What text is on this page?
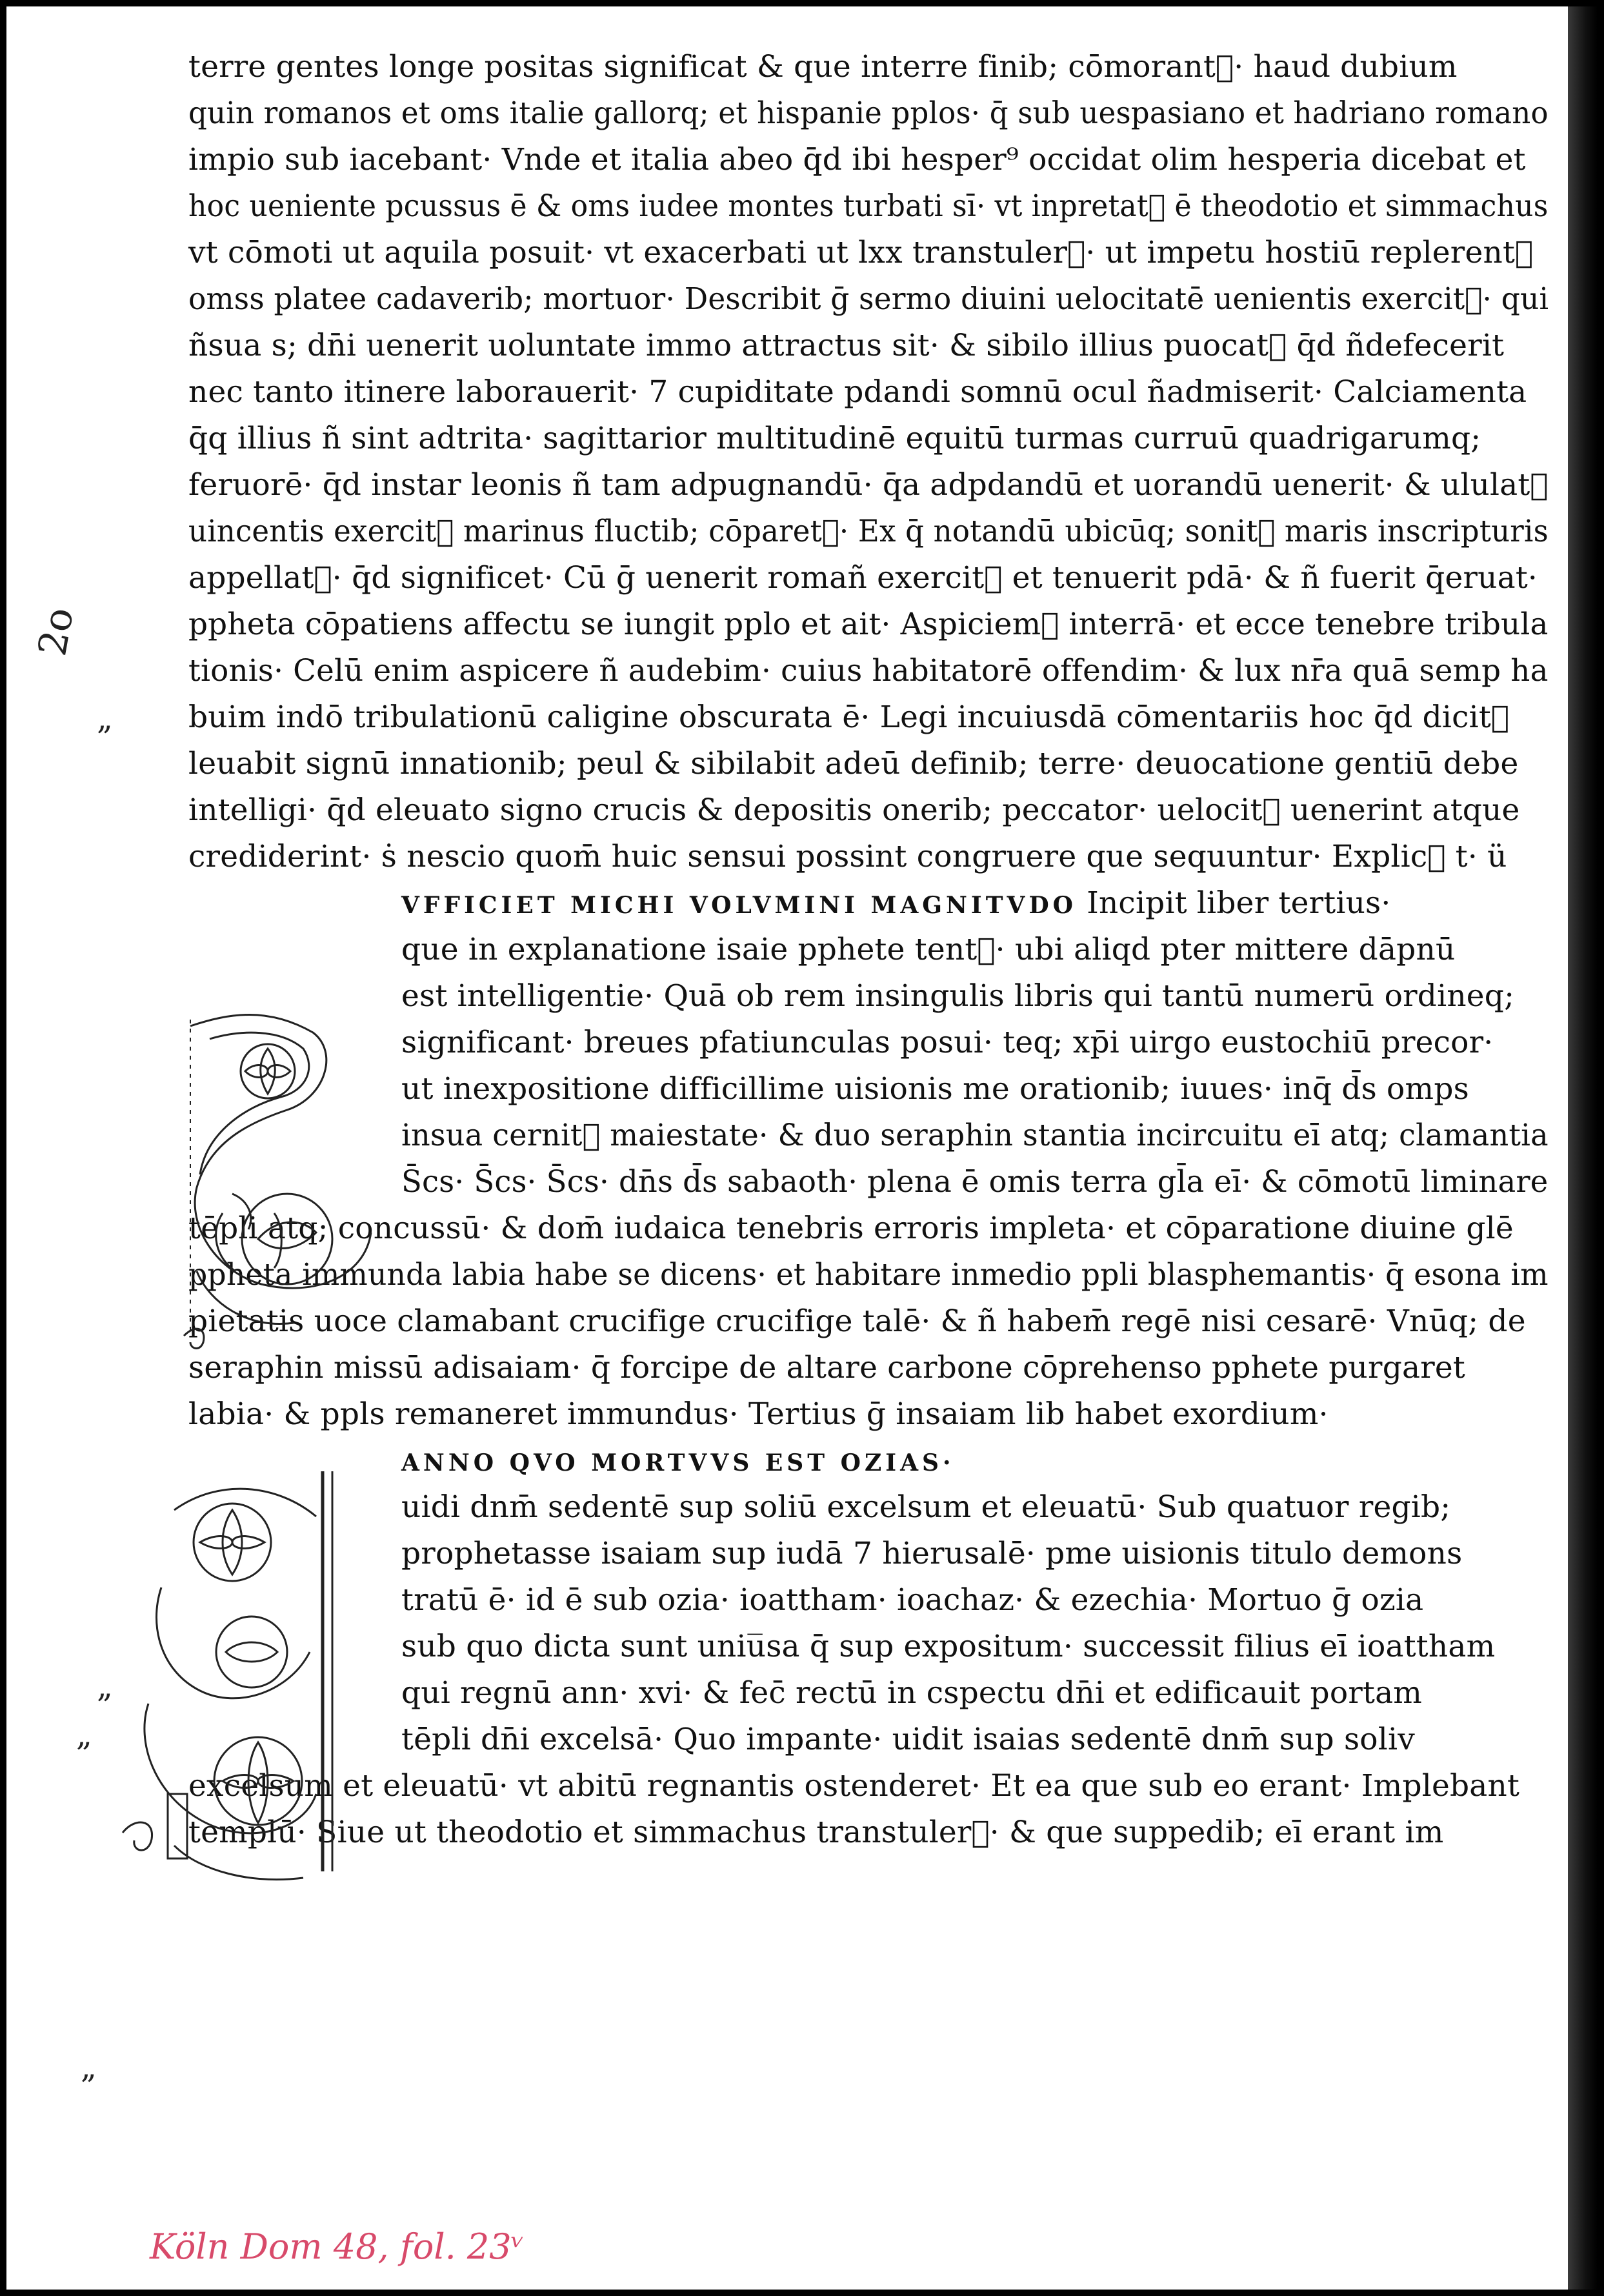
terre gentes longe positas significat & que interre finib; cōmorantᷓ· haud dubium
quin romanos et oms italie gallorq; et hispanie pplos· q̄ sub uespasiano et hadriano romano
impio sub iacebant· Vnde et italia abeo q̄d ibi hesper⁹ occidat olim hesperia dicebat et
hoc ueniente pcussus ē & oms iudee montes turbati sī· vt inpretatᷓ ē theodotio et simmachus
vt cōmoti ut aquila posuit· vt exacerbati ut lxx transtulerᷓ· ut impetu hostiū replerentᷓ
omss platee cadaverib; mortuor· Describit ḡ sermo diuini uelocitatē uenientis exercitᷓ· qui
ñsua s; dn̄i uenerit uoluntate immo attractus sit· & sibilo illius puocatᷓ q̄d ñdefecerit
nec tanto itinere laborauerit· 7 cupiditate pdandi somnū ocul ñadmiserit· Calciamenta
q̄q illius ñ sint adtrita· sagittarior multitudinē equitū turmas curruū quadrigarumq;
feruorē· q̄d instar leonis ñ tam adpugnandū· q̄a adpdandū et uorandū uenerit· & ululatᷓ
uincentis exercitᷓ marinus fluctib; cōparetᷓ· Ex q̄ notandū ubicūq; sonitᷓ maris inscripturis
appellatᷓ· q̄d significet· Cū ḡ uenerit romañ exercitᷓ et tenuerit pdā· & ñ fuerit q̄eruat·
ppheta cōpatiens affectu se iungit pplo et ait· Aspiciemᷓ interrā· et ecce tenebre tribula
tionis· Celū enim aspicere ñ audebim· cuius habitatorē offendim· & lux nr̄a quā semp ha
buim indō tribulationū caligine obscurata ē· Legi incuiusdā cōmentariis hoc q̄d dicitᷓ
leuabit signū innationib; peul & sibilabit adeū definib; terre· deuocatione gentiū debe
intelligi· q̄d eleuato signo crucis & depositis onerib; peccator· uelocitᷓ uenerint atque
crediderint· ṡ nescio quom̄ huic sensui possint congruere que sequuntur· Explicᷓ t· ü
VFFICIET MICHI VOLVMINI MAGNITVDO Incipit liber tertius·
que in explanatione isaie pphete tentᷓ· ubi aliqd pter mittere dāpnū
est intelligentie· Quā ob rem insingulis libris qui tantū numerū ordineq;
significant· breues pfatiunculas posui· teq; xp̄i uirgo eustochiū precor·
ut inexpositione difficillime uisionis me orationib; iuues· inq̄ d̄s omps
insua cernitᷓ maiestate· & duo seraphin stantia incircuitu eī atq; clamantia
S̄cs· S̄cs· S̄cs· dn̄s d̄s sabaoth· plena ē omis terra gl̄a eī· & cōmotū liminare
tēpli atq; concussū· & dom̄ iudaica tenebris erroris impleta· et cōparatione diuine glē
ppheta immunda labia habe se dicens· et habitare inmedio ppli blasphemantis· q̄ esona im
pietatis uoce clamabant crucifige crucifige talē· & ñ habem̄ regē nisi cesarē· Vnūq; de
seraphin missū adisaiam· q̄ forcipe de altare carbone cōprehenso pphete purgaret
labia· & ppls remaneret immundus· Tertius ḡ insaiam lib habet exordium·
ANNO QVO MORTVVS EST OZIAS·
uidi dnm̄ sedentē sup soliū excelsum et eleuatū· Sub quatuor regib;
prophetasse isaiam sup iudā 7 hierusalē· pme uisionis titulo demons
tratū ē· id ē sub ozia· ioattham· ioachaz· & ezechia· Mortuo ḡ ozia
sub quo dicta sunt uniu̅sa q̄ sup expositum· successit filius eī ioattham
qui regnū ann· xvi· & fec̄ rectū in cspectu dn̄i et edificauit portam
tēpli dn̄i excelsā· Quo impante· uidit isaias sedentē dnm̄ sup soliv
excelsum et eleuatū· vt abitū regnantis ostenderet· Et ea que sub eo erant· Implebant
templū· Siue ut theodotio et simmachus transtulerᷓ· & que suppedib; eī erant im
2o
„
„
„
„
Köln Dom 48, fol. 23ᵛ
